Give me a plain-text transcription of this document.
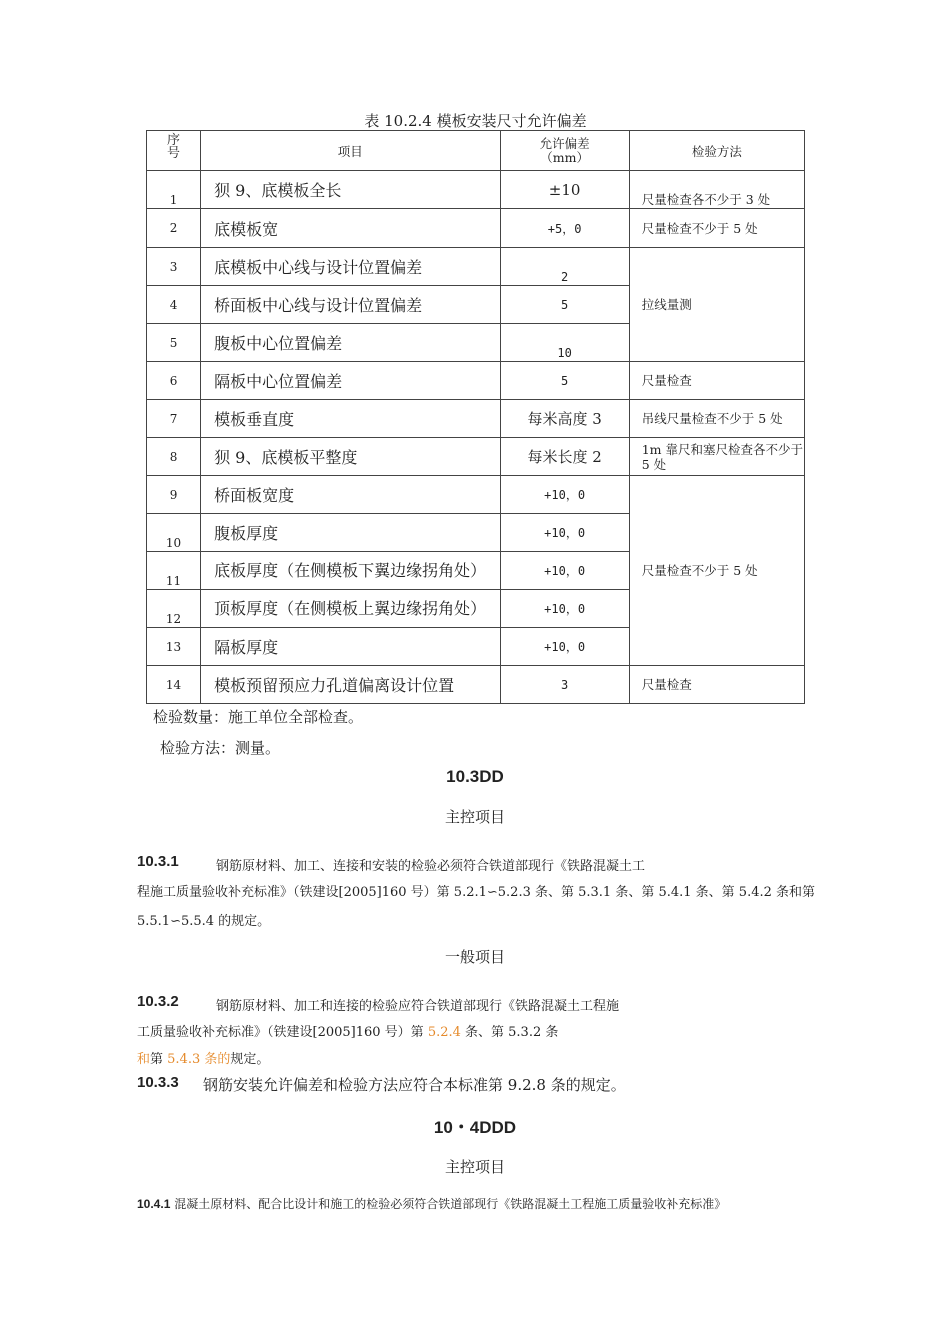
表 10.2.4 模板安装尺寸允许偏差
序号	项目	允许偏差（mm）	检验方法
1	狈 9、底模板全长	±10	尺量检查各不少于 3 处
2	底模板宽	+5，0	尺量检查不少于 5 处
3	底模板中心线与设计位置偏差	2	拉线量测
4	桥面板中心线与设计位置偏差	5	
5	腹板中心位置偏差	10	
6	隔板中心位置偏差	5	尺量检查
7	模板垂直度	每米高度 3	吊线尺量检查不少于 5 处
8	狈 9、底模板平整度	每米长度 2	1m 靠尺和塞尺检查各不少于 5 处
9	桥面板宽度	+10，0	尺量检查不少于 5 处
10	腹板厚度	+10，0	
11	底板厚度（在侧模板下翼边缘拐角处）	+10，0	
12	顶板厚度（在侧模板上翼边缘拐角处）	+10，0	
13	隔板厚度	+10，0	
14	模板预留预应力孔道偏离设计位置	3	尺量检查
检验数量：施工单位全部检查。
检验方法：测量。
10.3DD
主控项目
10.3.1	钢筋原材料、加工、连接和安装的检验必须符合铁道部现行《铁路混凝土工
程施工质量验收补充标准》（铁建设[2005]160 号）第 5.2.1∽5.2.3 条、第 5.3.1 条、第 5.4.1 条、第 5.4.2 条和第
5.5.1∽5.5.4 的规定。
一般项目
10.3.2	钢筋原材料、加工和连接的检验应符合铁道部现行《铁路混凝土工程施
工质量验收补充标准》（铁建设[2005]160 号）第 5.2.4 条、第 5.3.2 条
和第 5.4.3 条的规定。
10.3.3 钢筋安装允许偏差和检验方法应符合本标准第 9.2.8 条的规定。
10・4DDD
主控项目
10.4.1 混凝土原材料、配合比设计和施工的检验必须符合铁道部现行《铁路混凝土工程施工质量验收补充标准》
